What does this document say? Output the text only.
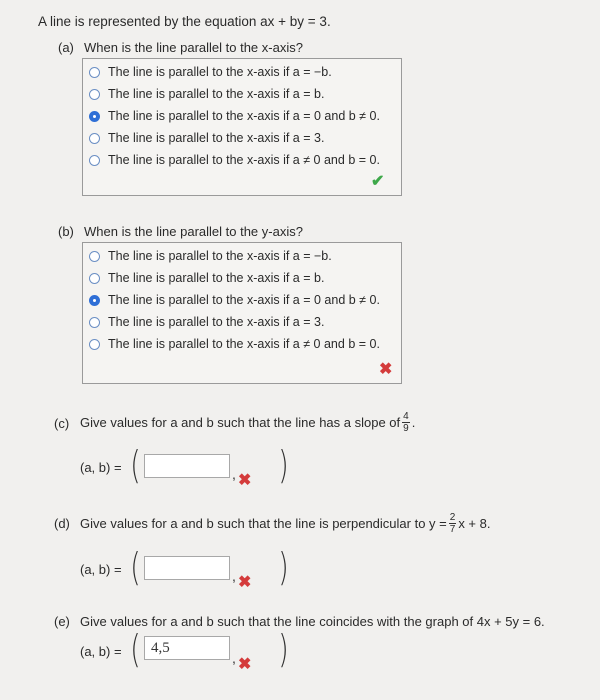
A line is represented by the equation ax + by = 3.
(a) When is the line parallel to the x-axis?
The line is parallel to the x-axis if a = −b.
The line is parallel to the x-axis if a = b.
The line is parallel to the x-axis if a = 0 and b ≠ 0.
The line is parallel to the x-axis if a = 3.
The line is parallel to the x-axis if a ≠ 0 and b = 0.
✔
(b) When is the line parallel to the y-axis?
The line is parallel to the x-axis if a = −b.
The line is parallel to the x-axis if a = b.
The line is parallel to the x-axis if a = 0 and b ≠ 0.
The line is parallel to the x-axis if a = 3.
The line is parallel to the x-axis if a ≠ 0 and b = 0.
✖
(c) Give values for a and b such that the line has a slope of $\frac{4}{9}$ .
(a, b) = (	, ✖ )
(d) Give values for a and b such that the line is perpendicular to $y = \frac{2}{7}$ x + 8.
(a, b) = (	, ✖ )
(e) Give values for a and b such that the line coincides with the graph of 4x + 5y = 6.
(a, b) = ( 4,5
, ✖ )
